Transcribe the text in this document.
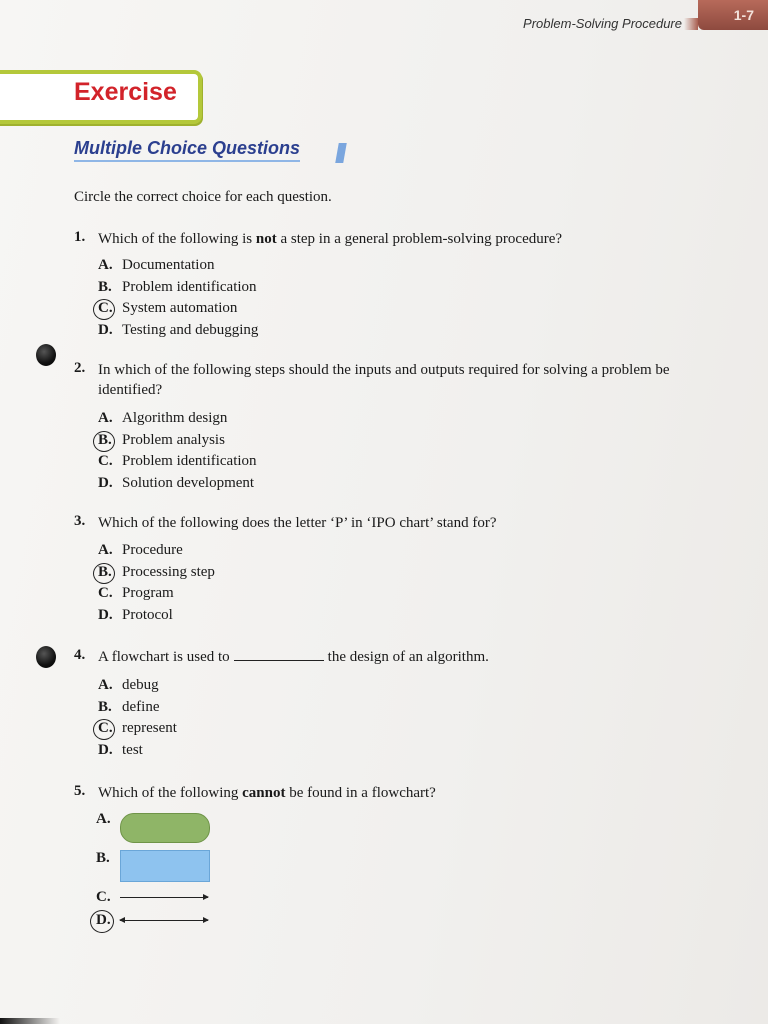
Problem-Solving Procedure
1-7
Exercise
Multiple Choice Questions
Circle the correct choice for each question.
1. Which of the following is not a step in a general problem-solving procedure?
A. Documentation
B. Problem identification
C. System automation
D. Testing and debugging
2. In which of the following steps should the inputs and outputs required for solving a problem be identified?
A. Algorithm design
B. Problem analysis
C. Problem identification
D. Solution development
3. Which of the following does the letter ‘P’ in ‘IPO chart’ stand for?
A. Procedure
B. Processing step
C. Program
D. Protocol
4. A flowchart is used to	the design of an algorithm.
A. debug
B. define
C. represent
D. test
5. Which of the following cannot be found in a flowchart?
A.
B.
C.
D.
